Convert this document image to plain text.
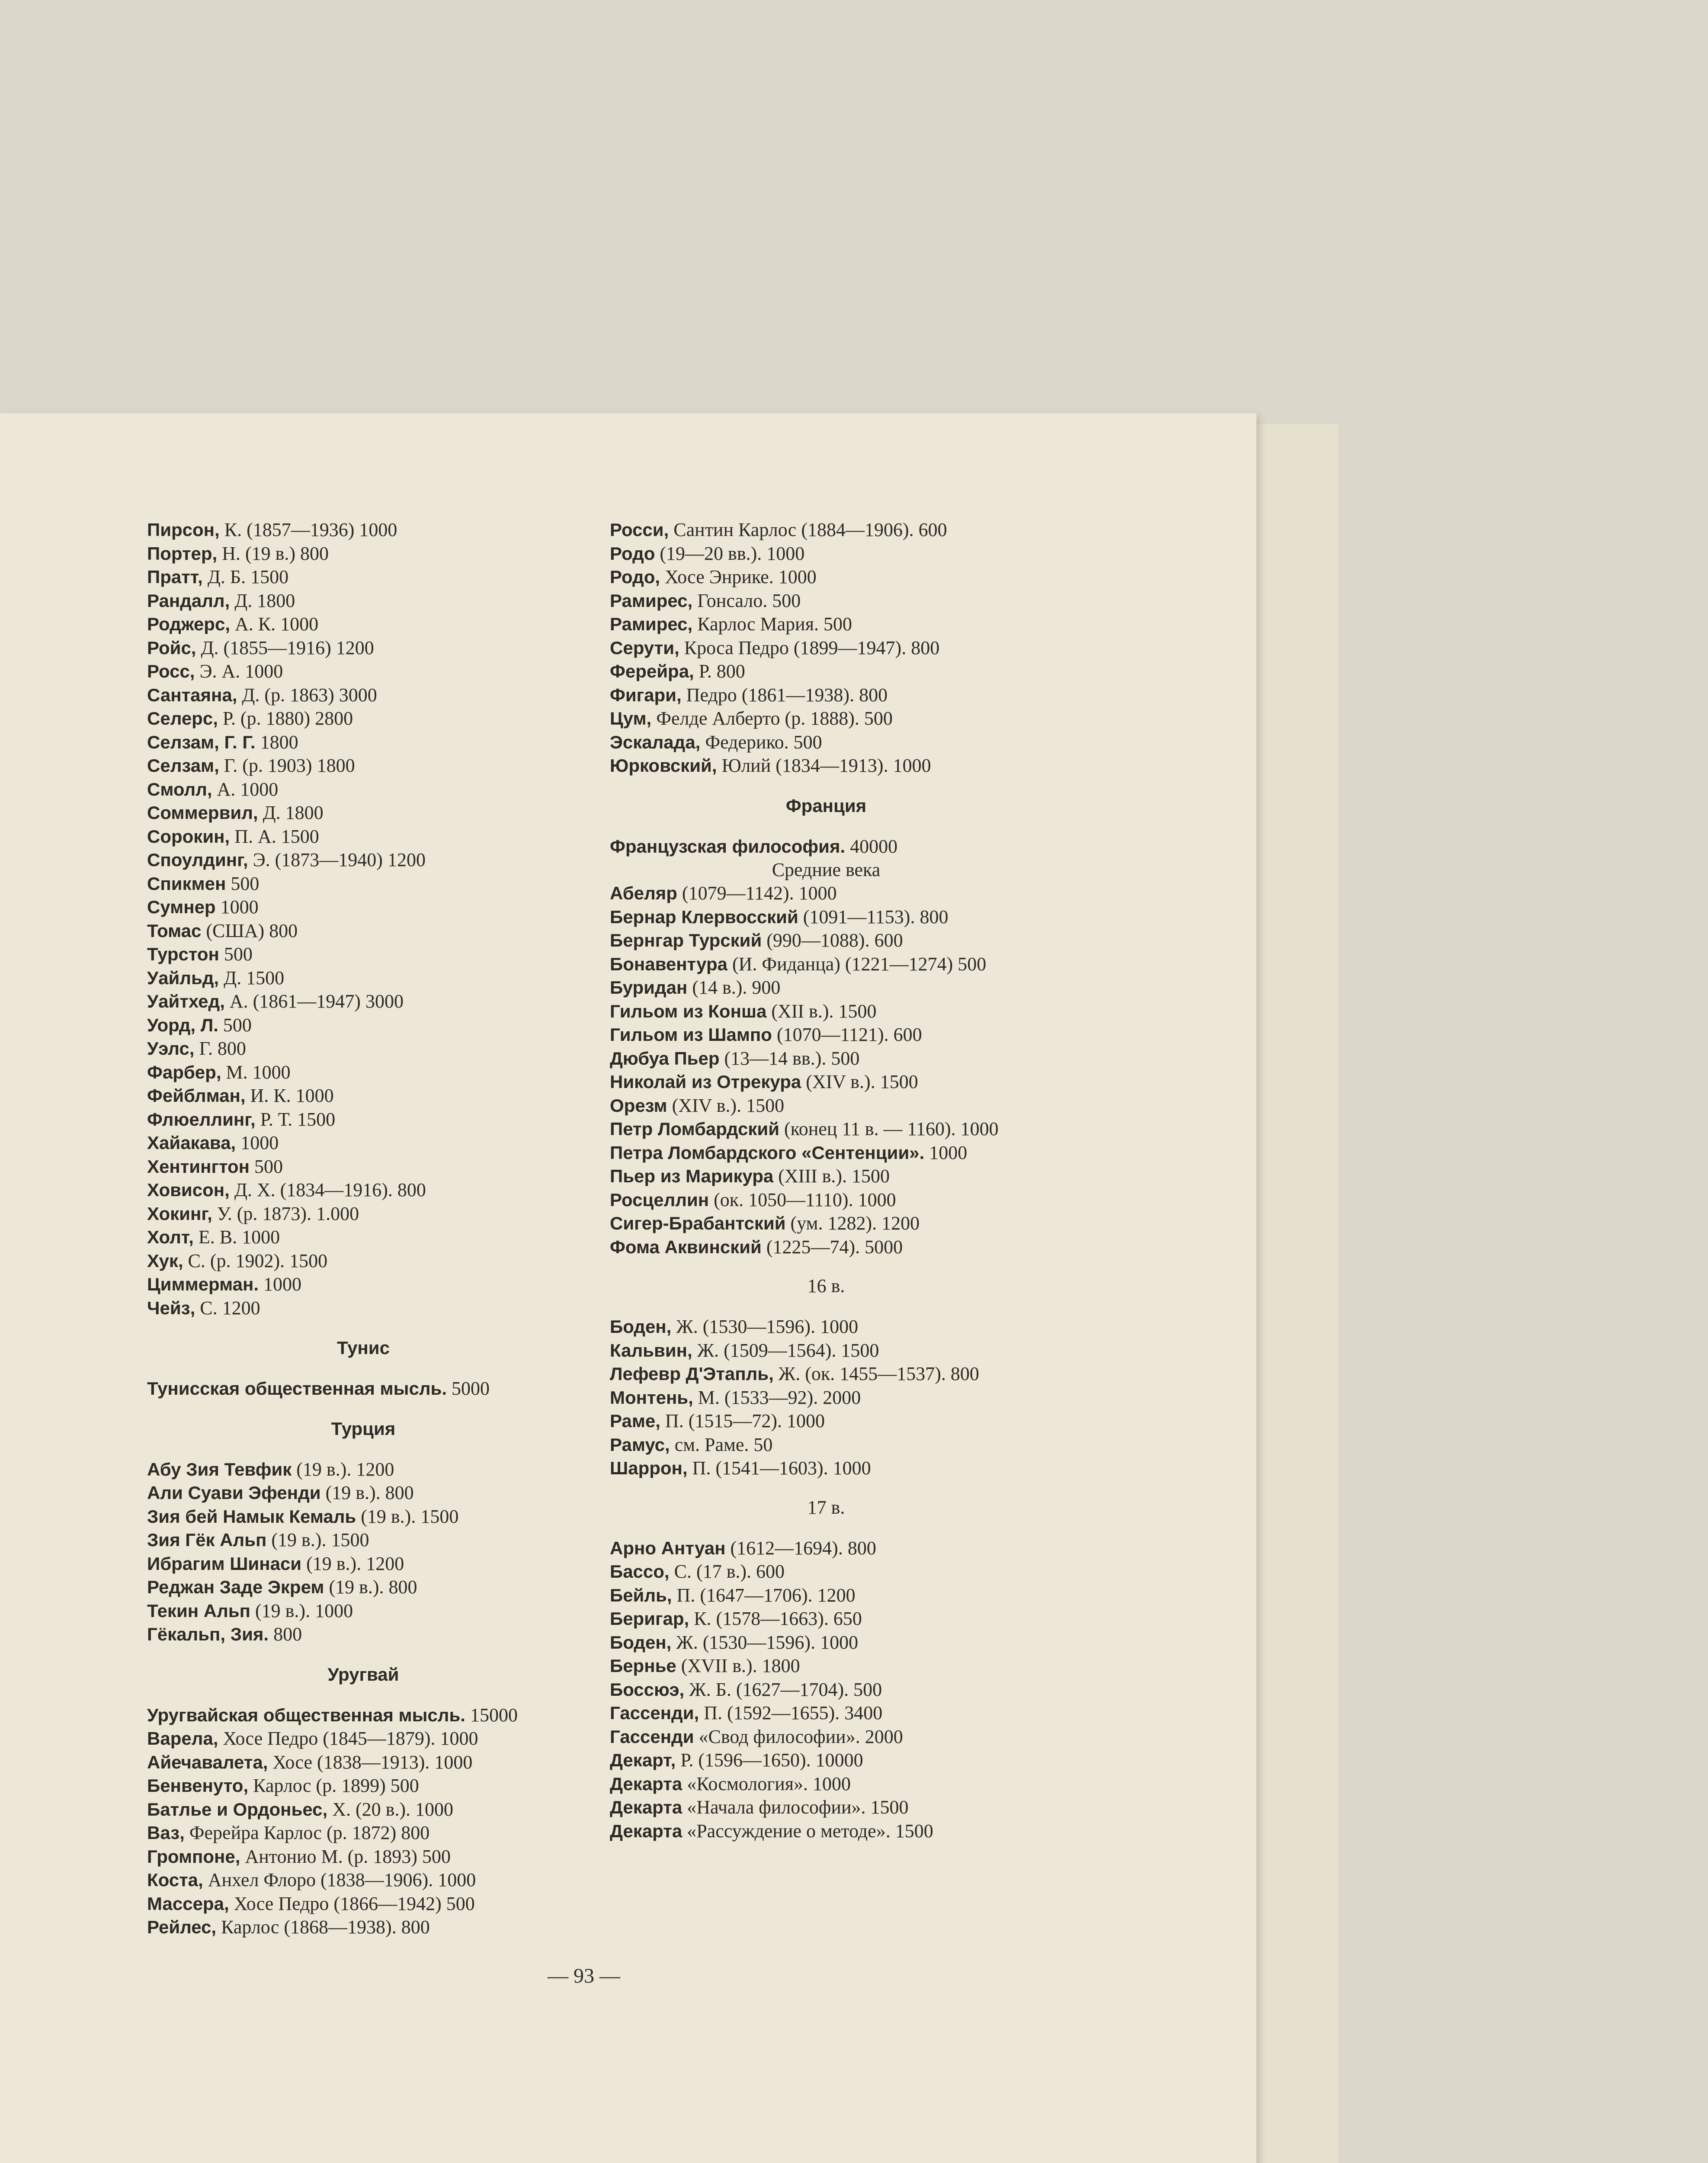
Пирсон, К. (1857—1936) 1000
Портер, Н. (19 в.) 800
Пратт, Д. Б. 1500
Рандалл, Д. 1800
Роджерс, А. К. 1000
Ройс, Д. (1855—1916) 1200
Росс, Э. А. 1000
Сантаяна, Д. (р. 1863) 3000
Селерс, Р. (р. 1880) 2800
Селзам, Г. Г. 1800
Селзам, Г. (р. 1903) 1800
Смолл, А. 1000
Соммервил, Д. 1800
Сорокин, П. А. 1500
Споулдинг, Э. (1873—1940) 1200
Спикмен 500
Сумнер 1000
Томас (США) 800
Турстон 500
Уайльд, Д. 1500
Уайтхед, А. (1861—1947) 3000
Уорд, Л. 500
Уэлс, Г. 800
Фарбер, М. 1000
Фейблман, И. К. 1000
Флюеллинг, Р. Т. 1500
Хайакава, 1000
Хентингтон 500
Ховисон, Д. Х. (1834—1916). 800
Хокинг, У. (р. 1873). 1.000
Холт, Е. В. 1000
Хук, С. (р. 1902). 1500
Циммерман. 1000
Чейз, С. 1200
Тунис
Тунисская общественная мысль. 5000
Турция
Абу Зия Тевфик (19 в.). 1200
Али Суави Эфенди (19 в.). 800
Зия бей Намык Кемаль (19 в.). 1500
Зия Гёк Альп (19 в.). 1500
Ибрагим Шинаси (19 в.). 1200
Реджан Заде Экрем (19 в.). 800
Текин Альп (19 в.). 1000
Гёкальп, Зия. 800
Уругвай
Уругвайская общественная мысль. 15000
Варела, Хосе Педро (1845—1879). 1000
Айечавалета, Хосе (1838—1913). 1000
Бенвенуто, Карлос (р. 1899) 500
Батлье и Ордоньес, Х. (20 в.). 1000
Ваз, Ферейра Карлос (р. 1872) 800
Громпоне, Антонио М. (р. 1893) 500
Коста, Анхел Флоро (1838—1906). 1000
Массера, Хосе Педро (1866—1942) 500
Рейлес, Карлос (1868—1938). 800
Росси, Сантин Карлос (1884—1906). 600
Родо (19—20 вв.). 1000
Родо, Хосе Энрике. 1000
Рамирес, Гонсало. 500
Рамирес, Карлос Мария. 500
Серути, Кроса Педро (1899—1947). 800
Ферейра, Р. 800
Фигари, Педро (1861—1938). 800
Цум, Фелде Алберто (р. 1888). 500
Эскалада, Федерико. 500
Юрковский, Юлий (1834—1913). 1000
Франция
Французская философия. 40000
Средние века
Абеляр (1079—1142). 1000
Бернар Клервосский (1091—1153). 800
Бернгар Турский (990—1088). 600
Бонавентура (И. Фиданца) (1221—1274) 500
Буридан (14 в.). 900
Гильом из Конша (XII в.). 1500
Гильом из Шампо (1070—1121). 600
Дюбуа Пьер (13—14 вв.). 500
Николай из Отрекура (XIV в.). 1500
Орезм (XIV в.). 1500
Петр Ломбардский (конец 11 в. — 1160). 1000
Петра Ломбардского «Сентенции». 1000
Пьер из Марикура (XIII в.). 1500
Росцеллин (ок. 1050—1110). 1000
Сигер-Брабантский (ум. 1282). 1200
Фома Аквинский (1225—74). 5000
16 в.
Боден, Ж. (1530—1596). 1000
Кальвин, Ж. (1509—1564). 1500
Лефевр Д'Этапль, Ж. (ок. 1455—1537). 800
Монтень, М. (1533—92). 2000
Раме, П. (1515—72). 1000
Рамус, см. Раме. 50
Шаррон, П. (1541—1603). 1000
17 в.
Арно Антуан (1612—1694). 800
Бассо, С. (17 в.). 600
Бейль, П. (1647—1706). 1200
Беригар, К. (1578—1663). 650
Боден, Ж. (1530—1596). 1000
Бернье (XVII в.). 1800
Боссюэ, Ж. Б. (1627—1704). 500
Гассенди, П. (1592—1655). 3400
Гассенди «Свод философии». 2000
Декарт, Р. (1596—1650). 10000
Декарта «Космология». 1000
Декарта «Начала философии». 1500
Декарта «Рассуждение о методе». 1500
— 93 —
